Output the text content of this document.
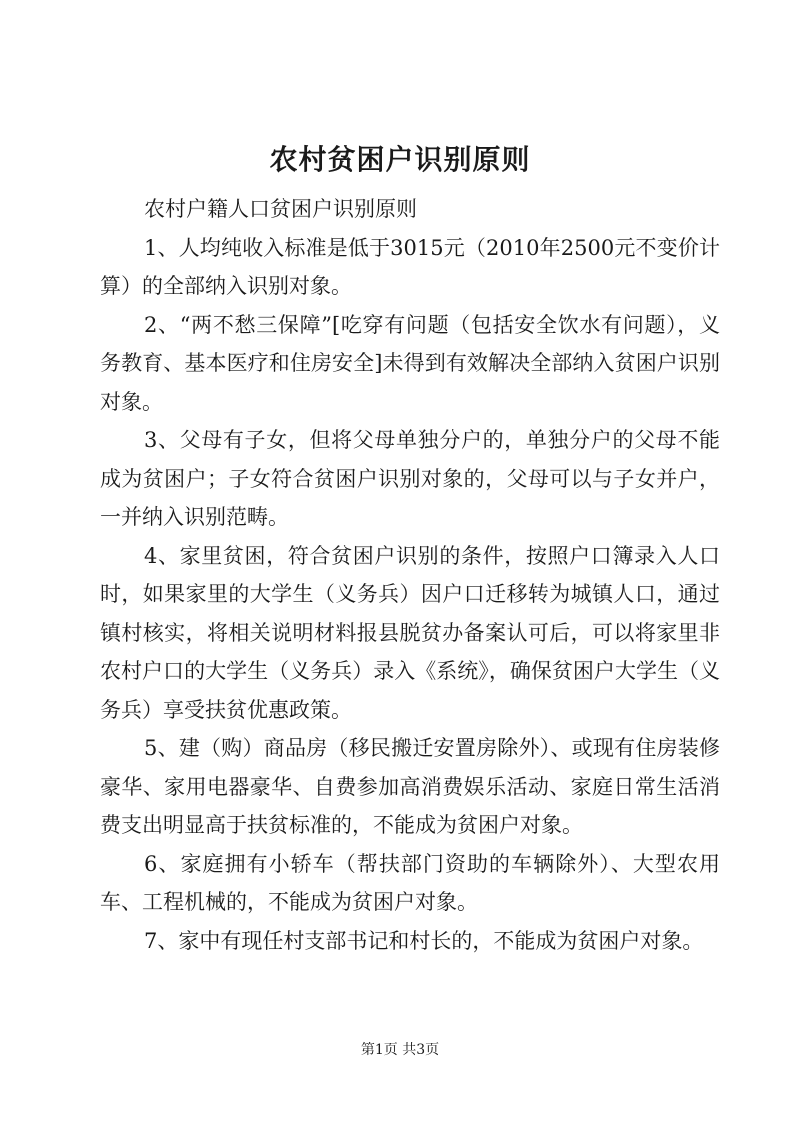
农村贫困户识别原则

农村户籍人口贫困户识别原则

1、人均纯收入标准是低于3015元（2010年2500元不变价计算）的全部纳入识别对象。

2、“两不愁三保障”[吃穿有问题（包括安全饮水有问题），义务教育、基本医疗和住房安全]未得到有效解决全部纳入贫困户识别对象。

3、父母有子女，但将父母单独分户的，单独分户的父母不能成为贫困户；子女符合贫困户识别对象的，父母可以与子女并户，一并纳入识别范畴。

4、家里贫困，符合贫困户识别的条件，按照户口簿录入人口时，如果家里的大学生（义务兵）因户口迁移转为城镇人口，通过镇村核实，将相关说明材料报县脱贫办备案认可后，可以将家里非农村户口的大学生（义务兵）录入《系统》，确保贫困户大学生（义务兵）享受扶贫优惠政策。

5、建（购）商品房（移民搬迁安置房除外）、或现有住房装修豪华、家用电器豪华、自费参加高消费娱乐活动、家庭日常生活消费支出明显高于扶贫标准的，不能成为贫困户对象。

6、家庭拥有小轿车（帮扶部门资助的车辆除外）、大型农用车、工程机械的，不能成为贫困户对象。

7、家中有现任村支部书记和村长的，不能成为贫困户对象。

第1页 共3页
